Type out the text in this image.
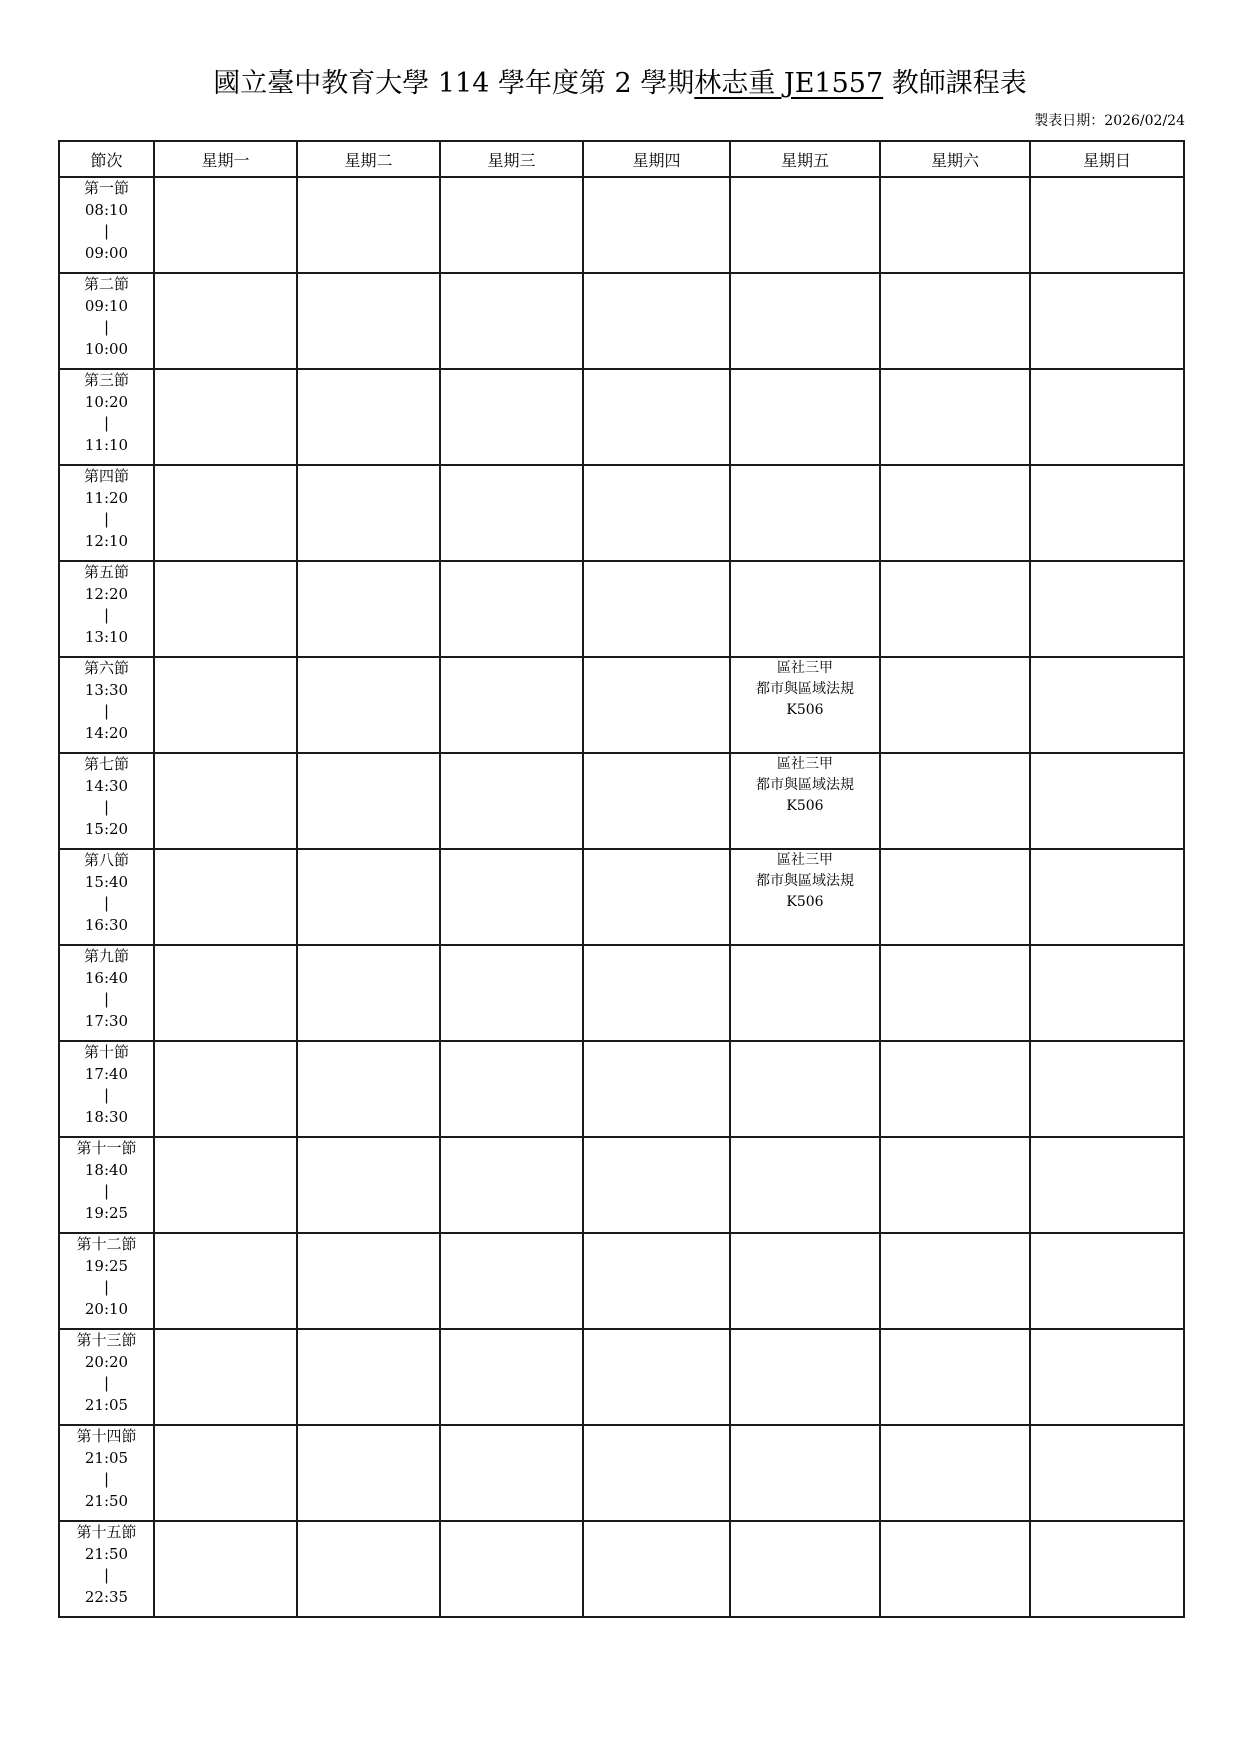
國立臺中教育大學 114 學年度第 2 學期林志重 JE1557 教師課程表
製表日期：2026/02/24
節次	星期一	星期二	星期三	星期四	星期五	星期六	星期日

第一節
08:10
|
09:00							

第二節
09:10
|
10:00							

第三節
10:20
|
11:10							

第四節
11:20
|
12:10							

第五節
12:20
|
13:10							

第六節
13:30
|
14:20					區社三甲
都市與區域法規
K506		

第七節
14:30
|
15:20					區社三甲
都市與區域法規
K506		

第八節
15:40
|
16:30					區社三甲
都市與區域法規
K506		

第九節
16:40
|
17:30							

第十節
17:40
|
18:30							

第十一節
18:40
|
19:25							

第十二節
19:25
|
20:10							

第十三節
20:20
|
21:05							

第十四節
21:05
|
21:50							

第十五節
21:50
|
22:35							
